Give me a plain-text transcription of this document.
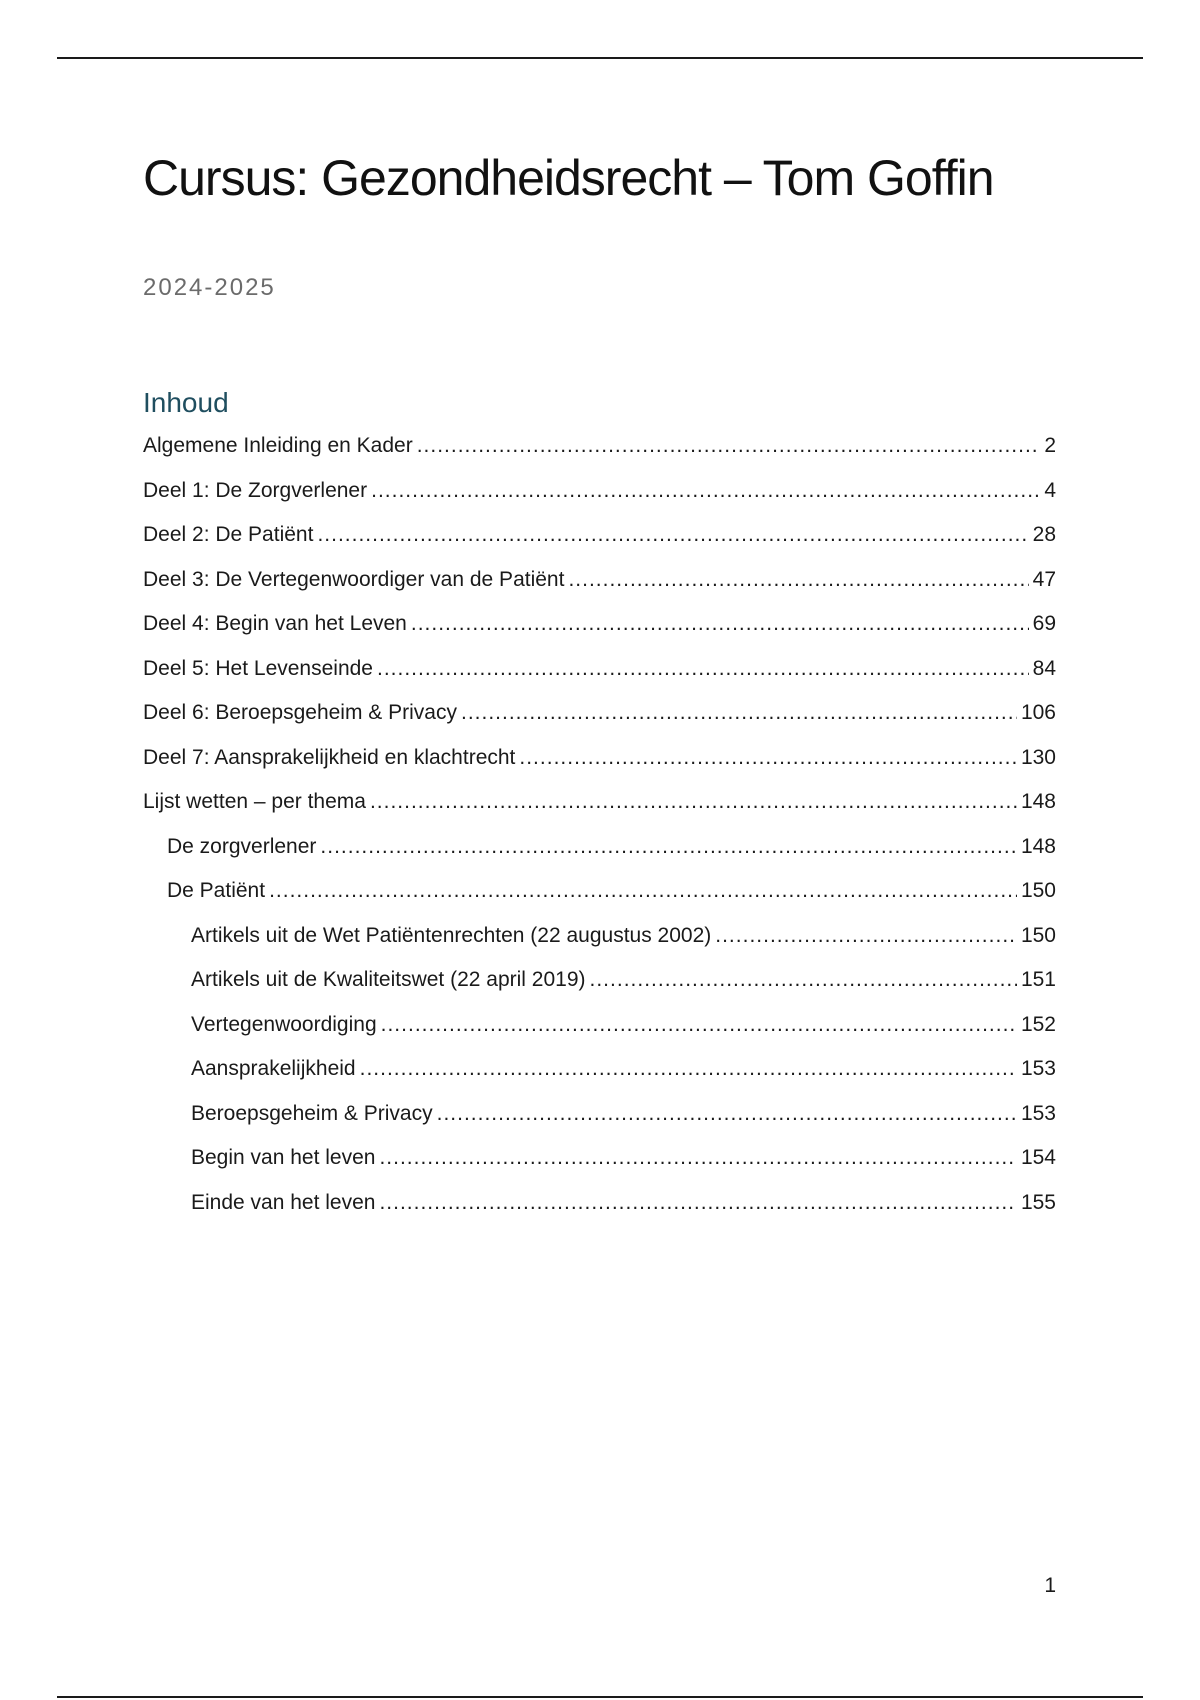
Cursus: Gezondheidsrecht – Tom Goffin
2024-2025
Inhoud
Algemene Inleiding en Kader .....	2
Deel 1: De Zorgverlener .....	4
Deel 2: De Patiënt .....	28
Deel 3: De Vertegenwoordiger van de Patiënt .....	47
Deel 4: Begin van het Leven .....	69
Deel 5: Het Levenseinde .....	84
Deel 6: Beroepsgeheim & Privacy .....	106
Deel 7: Aansprakelijkheid en klachtrecht .....	130
Lijst wetten – per thema .....	148
De zorgverlener .....	148
De Patiënt .....	150
Artikels uit de Wet Patiëntenrechten (22 augustus 2002) .....	150
Artikels uit de Kwaliteitswet (22 april 2019) .....	151
Vertegenwoordiging .....	152
Aansprakelijkheid .....	153
Beroepsgeheim & Privacy .....	153
Begin van het leven .....	154
Einde van het leven .....	155
1
